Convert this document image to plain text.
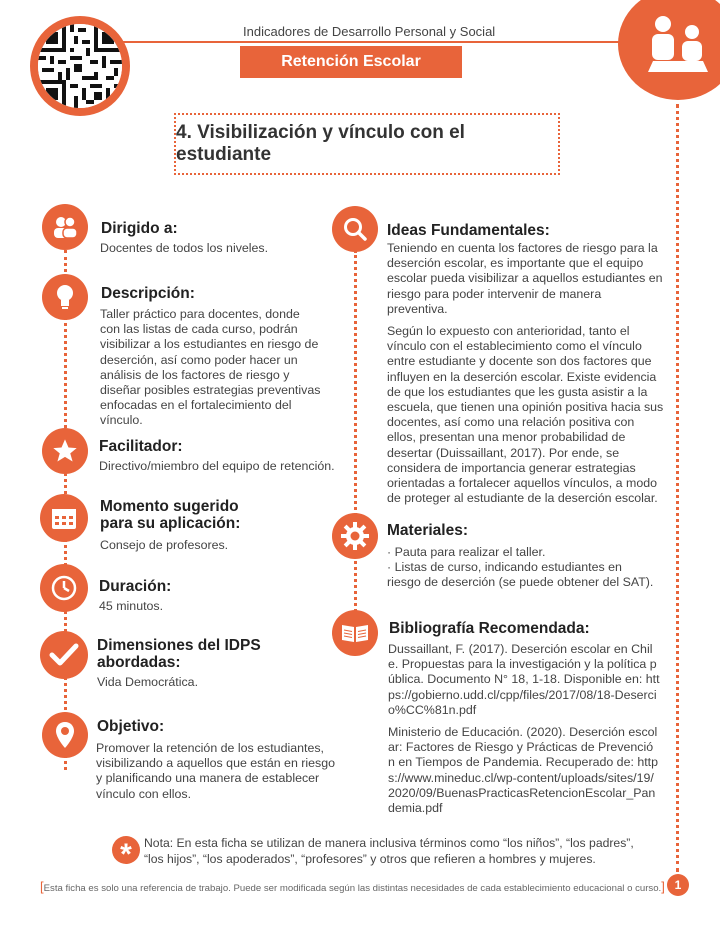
Indicadores de Desarrollo Personal y Social
Retención Escolar
4. Visibilización y vínculo con el estudiante
Dirigido a:
Docentes de todos los niveles.
Descripción:
Taller práctico para docentes, donde con las listas de cada curso, podrán visibilizar a los estudiantes en riesgo de deserción, así como poder hacer un análisis de los factores de riesgo y diseñar posibles estrategias preventivas enfocadas en el fortalecimiento del vínculo.
Facilitador:
Directivo/miembro del equipo de retención.
Momento sugerido
para su aplicación:
Consejo de profesores.
Duración:
45 minutos.
Dimensiones del IDPS
abordadas:
Vida Democrática.
Objetivo:
Promover la retención de los estudiantes, visibilizando a aquellos que están en riesgo y planificando una manera de establecer vínculo con ellos.
Ideas Fundamentales:
Teniendo en cuenta los factores de riesgo para la deserción escolar, es importante que el equipo escolar pueda visibilizar a aquellos estudiantes en riesgo para poder intervenir de manera preventiva.
Según lo expuesto con anterioridad, tanto el vínculo con el establecimiento como el vínculo entre estudiante y docente son dos factores que influyen en la deserción escolar. Existe evidencia de que los estudiantes que les gusta asistir a la escuela, que tienen una opinión positiva hacia sus docentes, así como una relación positiva con ellos, presentan una menor probabilidad de desertar (Duissaillant, 2017). Por ende, se considera de importancia generar estrategias orientadas a fortalecer aquellos vínculos, a modo de proteger al estudiante de la deserción escolar.
Materiales:
· Pauta para realizar el taller.
· Listas de curso, indicando estudiantes en riesgo de deserción (se puede obtener del SAT).
Bibliografía Recomendada:
Dussaillant, F. (2017). Deserción escolar en Chile. Propuestas para la investigación y la política pública. Documento N° 18, 1-18. Disponible en: https://gobierno.udd.cl/cpp/files/2017/08/18-Desercio%CC%81n.pdf
Ministerio de Educación. (2020). Deserción escolar: Factores de Riesgo y Prácticas de Prevención en Tiempos de Pandemia. Recuperado de: https://www.mineduc.cl/wp-content/uploads/sites/19/2020/09/BuenasPracticasRetencionEscolar_Pandemia.pdf
* Nota: En esta ficha se utilizan de manera inclusiva términos como “los niños”, “los padres”,
“los hijos”, “los apoderados”, “profesores” y otros que refieren a hombres y mujeres.
[Esta ficha es solo una referencia de trabajo. Puede ser modificada según las distintas necesidades de cada establecimiento educacional o curso.] 1
